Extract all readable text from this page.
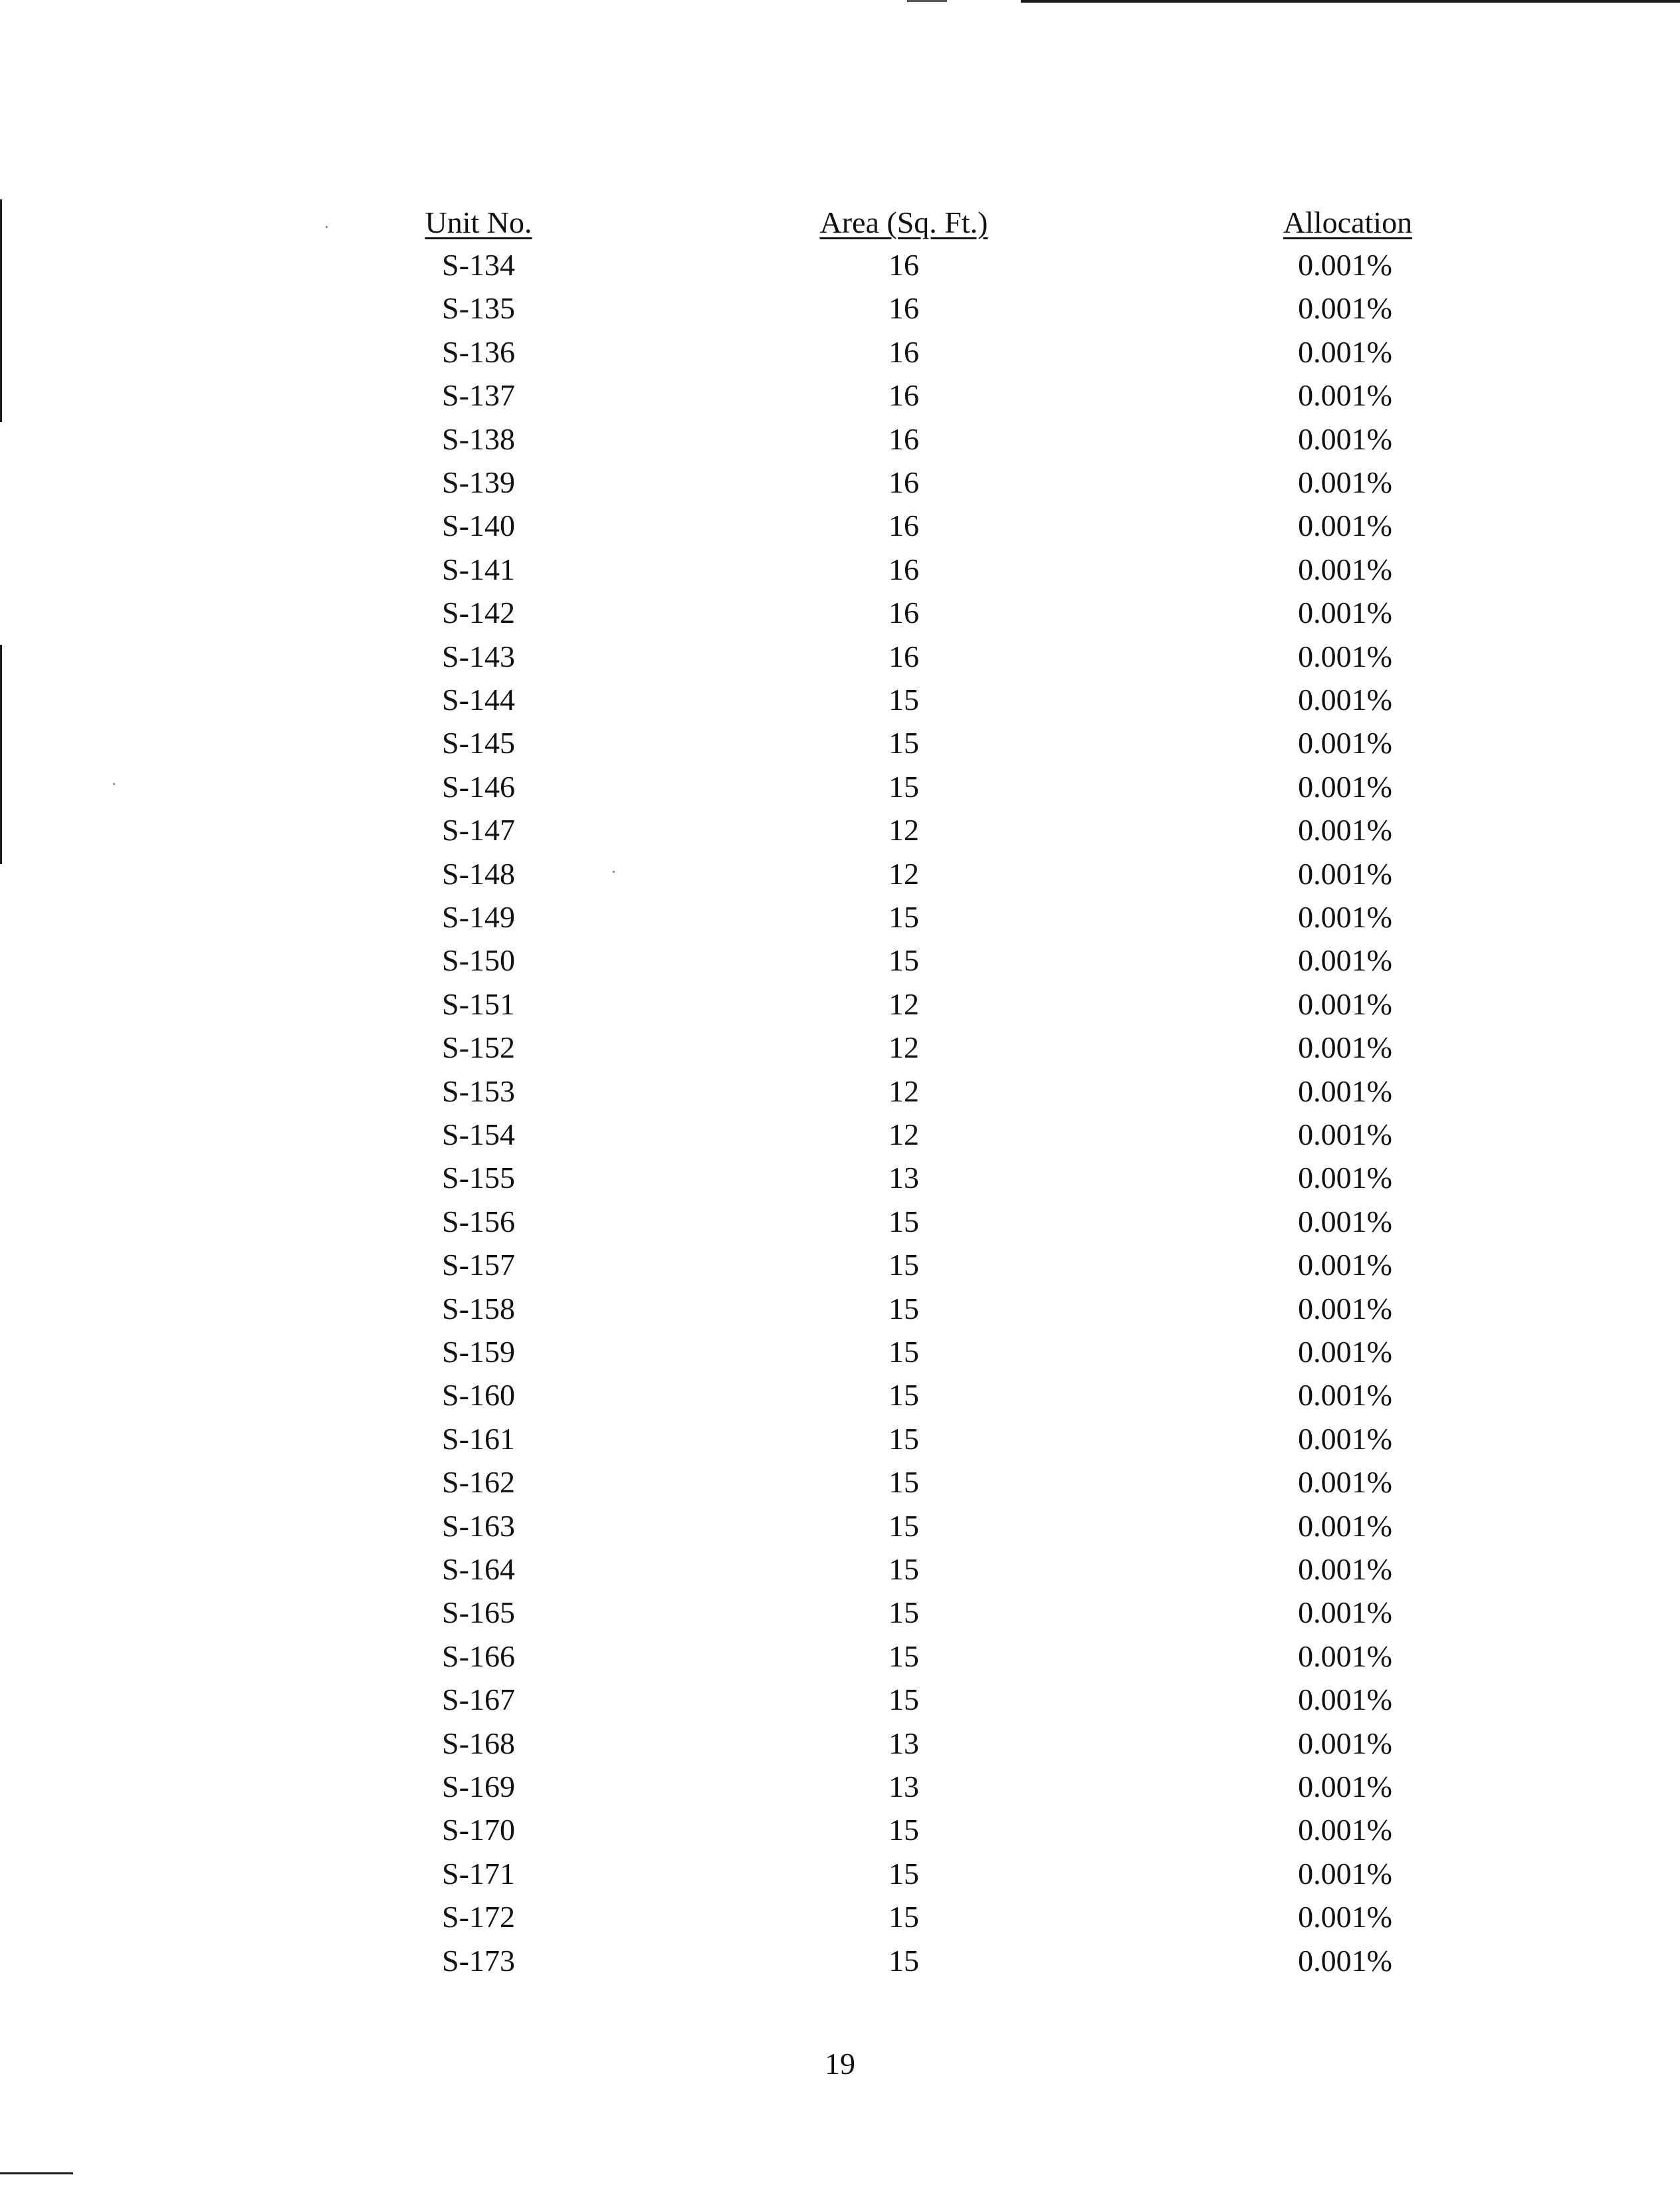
Unit No.	Area (Sq. Ft.)	Allocation
S-134	16	0.001%
S-135	16	0.001%
S-136	16	0.001%
S-137	16	0.001%
S-138	16	0.001%
S-139	16	0.001%
S-140	16	0.001%
S-141	16	0.001%
S-142	16	0.001%
S-143	16	0.001%
S-144	15	0.001%
S-145	15	0.001%
S-146	15	0.001%
S-147	12	0.001%
S-148	12	0.001%
S-149	15	0.001%
S-150	15	0.001%
S-151	12	0.001%
S-152	12	0.001%
S-153	12	0.001%
S-154	12	0.001%
S-155	13	0.001%
S-156	15	0.001%
S-157	15	0.001%
S-158	15	0.001%
S-159	15	0.001%
S-160	15	0.001%
S-161	15	0.001%
S-162	15	0.001%
S-163	15	0.001%
S-164	15	0.001%
S-165	15	0.001%
S-166	15	0.001%
S-167	15	0.001%
S-168	13	0.001%
S-169	13	0.001%
S-170	15	0.001%
S-171	15	0.001%
S-172	15	0.001%
S-173	15	0.001%
19
